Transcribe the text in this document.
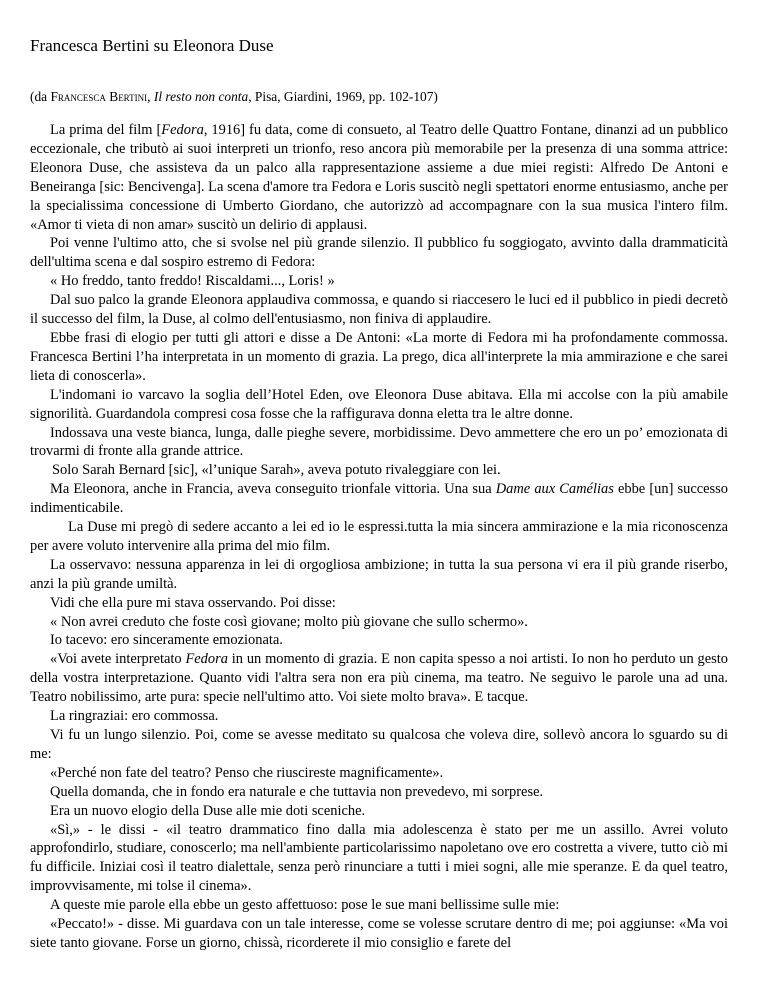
Francesca Bertini su Eleonora Duse

(da Francesca Bertini, Il resto non conta, Pisa, Giardini, 1969, pp. 102-107)

La prima del film [Fedora, 1916] fu data, come di consueto, al Teatro delle Quattro Fontane, dinanzi ad un pubblico eccezionale, che tributò ai suoi interpreti un trionfo, reso ancora più memorabile per la presenza di una somma attrice: Eleonora Duse, che assisteva da un palco alla rappresentazione assieme a due miei registi: Alfredo De Antoni e Beneiranga [sic: Bencivenga]. La scena d'amore tra Fedora e Loris suscitò negli spettatori enorme entusiasmo, anche per la specialissima concessione di Umberto Giordano, che autorizzò ad accompagnare con la sua musica l'intero film. «Amor ti vieta di non amar» suscitò un delirio di applausi.

Poi venne l'ultimo atto, che si svolse nel più grande silenzio. Il pubblico fu soggiogato, avvinto dalla drammaticità dell'ultima scena e dal sospiro estremo di Fedora:

« Ho freddo, tanto freddo! Riscaldami..., Loris! »

Dal suo palco la grande Eleonora applaudiva commossa, e quando si riaccesero le luci ed il pubblico in piedi decretò il successo del film, la Duse, al colmo dell'entusiasmo, non finiva di applaudire.

Ebbe frasi di elogio per tutti gli attori e disse a De Antoni: «La morte di Fedora mi ha profondamente commossa. Francesca Bertini l’ha interpretata in un momento di grazia. La prego, dica all'interprete la mia ammirazione e che sarei lieta di conoscerla».

L'indomani io varcavo la soglia dell’Hotel Eden, ove Eleonora Duse abitava. Ella mi accolse con la più amabile signorilità. Guardandola compresi cosa fosse che la raffigurava donna eletta tra le altre donne.

Indossava una veste bianca, lunga, dalle pieghe severe, morbidissime. Devo ammettere che ero un po’ emozionata di trovarmi di fronte alla grande attrice.

Solo Sarah Bernard [sic], «l’unique Sarah», aveva potuto rivaleggiare con lei.

Ma Eleonora, anche in Francia, aveva conseguito trionfale vittoria. Una sua Dame aux Camélias ebbe [un] successo indimenticabile.

La Duse mi pregò di sedere accanto a lei ed io le espressi.tutta la mia sincera ammirazione e la mia riconoscenza per avere voluto intervenire alla prima del mio film.

La osservavo: nessuna apparenza in lei di orgogliosa ambizione; in tutta la sua persona vi era il più grande riserbo, anzi la più grande umiltà.

Vidi che ella pure mi stava osservando. Poi disse:

« Non avrei creduto che foste così giovane; molto più giovane che sullo schermo».

Io tacevo: ero sinceramente emozionata.

«Voi avete interpretato Fedora in un momento di grazia. E non capita spesso a noi artisti. Io non ho perduto un gesto della vostra interpretazione. Quanto vidi l'altra sera non era più cinema, ma teatro. Ne seguivo le parole una ad una. Teatro nobilissimo, arte pura: specie nell'ultimo atto. Voi siete molto brava». E tacque.

La ringraziai: ero commossa.

Vi fu un lungo silenzio. Poi, come se avesse meditato su qualcosa che voleva dire, sollevò ancora lo sguardo su di me:

«Perché non fate del teatro? Penso che riuscireste magnificamente».

Quella domanda, che in fondo era naturale e che tuttavia non prevedevo, mi sorprese.

Era un nuovo elogio della Duse alle mie doti sceniche.

«Sì,» - le dissi - «il teatro drammatico fino dalla mia adolescenza è stato per me un assillo. Avrei voluto approfondirlo, studiare, conoscerlo; ma nell'ambiente particolarissimo napoletano ove ero costretta a vivere, tutto ciò mi fu difficile. Iniziai così il teatro dialettale, senza però rinunciare a tutti i miei sogni, alle mie speranze. E da quel teatro, improvvisamente, mi tolse il cinema».

A queste mie parole ella ebbe un gesto affettuoso: pose le sue mani bellissime sulle mie:

«Peccato!» - disse. Mi guardava con un tale interesse, come se volesse scrutare dentro di me; poi aggiunse: «Ma voi siete tanto giovane. Forse un giorno, chissà, ricorderete il mio consiglio e farete del
